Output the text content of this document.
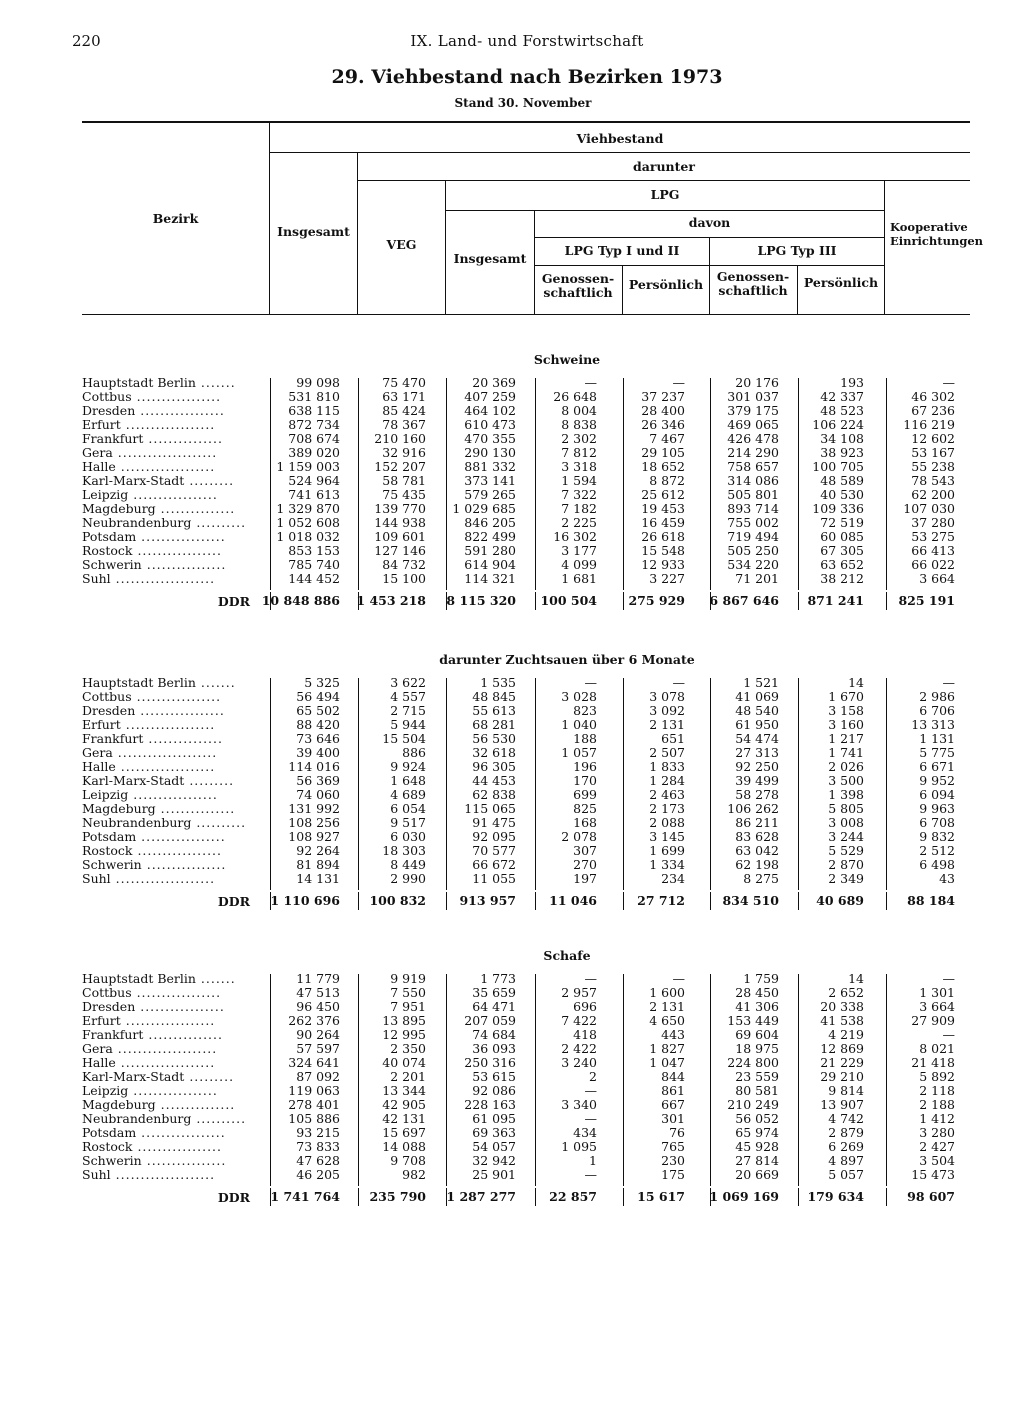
220	IX. Land- und Forstwirtschaft
29. Viehbestand nach Bezirken 1973
Stand 30. November
Bezirk
Viehbestand
Insgesamt
darunter
VEG
LPG
Insgesamt
davon
LPG Typ I und II	LPG Typ III
Genossen-schaftlich
Persönlich
Genossen-schaftlich
Persönlich
Kooperative Einrichtungen
Schweine
Hauptstadt Berlin .......	99 098	75 470	20 369	—	—	20 176	193	—
Cottbus .................	531 810	63 171	407 259	26 648	37 237	301 037	42 337	46 302
Dresden .................	638 115	85 424	464 102	8 004	28 400	379 175	48 523	67 236
Erfurt ..................	872 734	78 367	610 473	8 838	26 346	469 065	106 224	116 219
Frankfurt ...............	708 674	210 160	470 355	2 302	7 467	426 478	34 108	12 602
Gera ....................	389 020	32 916	290 130	7 812	29 105	214 290	38 923	53 167
Halle ...................	1 159 003	152 207	881 332	3 318	18 652	758 657	100 705	55 238
Karl-Marx-Stadt .........	524 964	58 781	373 141	1 594	8 872	314 086	48 589	78 543
Leipzig .................	741 613	75 435	579 265	7 322	25 612	505 801	40 530	62 200
Magdeburg ...............	1 329 870	139 770	1 029 685	7 182	19 453	893 714	109 336	107 030
Neubrandenburg ..........	1 052 608	144 938	846 205	2 225	16 459	755 002	72 519	37 280
Potsdam .................	1 018 032	109 601	822 499	16 302	26 618	719 494	60 085	53 275
Rostock .................	853 153	127 146	591 280	3 177	15 548	505 250	67 305	66 413
Schwerin ................	785 740	84 732	614 904	4 099	12 933	534 220	63 652	66 022
Suhl ....................	144 452	15 100	114 321	1 681	3 227	71 201	38 212	3 664
DDR 10 848 886	1 453 218	8 115 320	100 504	275 929	6 867 646	871 241	825 191
darunter Zuchtsauen über 6 Monate
Hauptstadt Berlin .......	5 325	3 622	1 535	—	—	1 521	14	—
Cottbus .................	56 494	4 557	48 845	3 028	3 078	41 069	1 670	2 986
Dresden .................	65 502	2 715	55 613	823	3 092	48 540	3 158	6 706
Erfurt ..................	88 420	5 944	68 281	1 040	2 131	61 950	3 160	13 313
Frankfurt ...............	73 646	15 504	56 530	188	651	54 474	1 217	1 131
Gera ....................	39 400	886	32 618	1 057	2 507	27 313	1 741	5 775
Halle ...................	114 016	9 924	96 305	196	1 833	92 250	2 026	6 671
Karl-Marx-Stadt .........	56 369	1 648	44 453	170	1 284	39 499	3 500	9 952
Leipzig .................	74 060	4 689	62 838	699	2 463	58 278	1 398	6 094
Magdeburg ...............	131 992	6 054	115 065	825	2 173	106 262	5 805	9 963
Neubrandenburg ..........	108 256	9 517	91 475	168	2 088	86 211	3 008	6 708
Potsdam .................	108 927	6 030	92 095	2 078	3 145	83 628	3 244	9 832
Rostock .................	92 264	18 303	70 577	307	1 699	63 042	5 529	2 512
Schwerin ................	81 894	8 449	66 672	270	1 334	62 198	2 870	6 498
Suhl ....................	14 131	2 990	11 055	197	234	8 275	2 349	43
DDR	1 110 696	100 832	913 957	11 046	27 712	834 510	40 689	88 184
Schafe
Hauptstadt Berlin .......	11 779	9 919	1 773	—	—	1 759	14	—
Cottbus .................	47 513	7 550	35 659	2 957	1 600	28 450	2 652	1 301
Dresden .................	96 450	7 951	64 471	696	2 131	41 306	20 338	3 664
Erfurt ..................	262 376	13 895	207 059	7 422	4 650	153 449	41 538	27 909
Frankfurt ...............	90 264	12 995	74 684	418	443	69 604	4 219	—
Gera ....................	57 597	2 350	36 093	2 422	1 827	18 975	12 869	8 021
Halle ...................	324 641	40 074	250 316	3 240	1 047	224 800	21 229	21 418
Karl-Marx-Stadt .........	87 092	2 201	53 615	2	844	23 559	29 210	5 892
Leipzig .................	119 063	13 344	92 086	—	861	80 581	9 814	2 118
Magdeburg ...............	278 401	42 905	228 163	3 340	667	210 249	13 907	2 188
Neubrandenburg ..........	105 886	42 131	61 095	—	301	56 052	4 742	1 412
Potsdam .................	93 215	15 697	69 363	434	76	65 974	2 879	3 280
Rostock .................	73 833	14 088	54 057	1 095	765	45 928	6 269	2 427
Schwerin ................	47 628	9 708	32 942	1	230	27 814	4 897	3 504
Suhl ....................	46 205	982	25 901	—	175	20 669	5 057	15 473
DDR	1 741 764	235 790	1 287 277	22 857	15 617	1 069 169	179 634	98 607
